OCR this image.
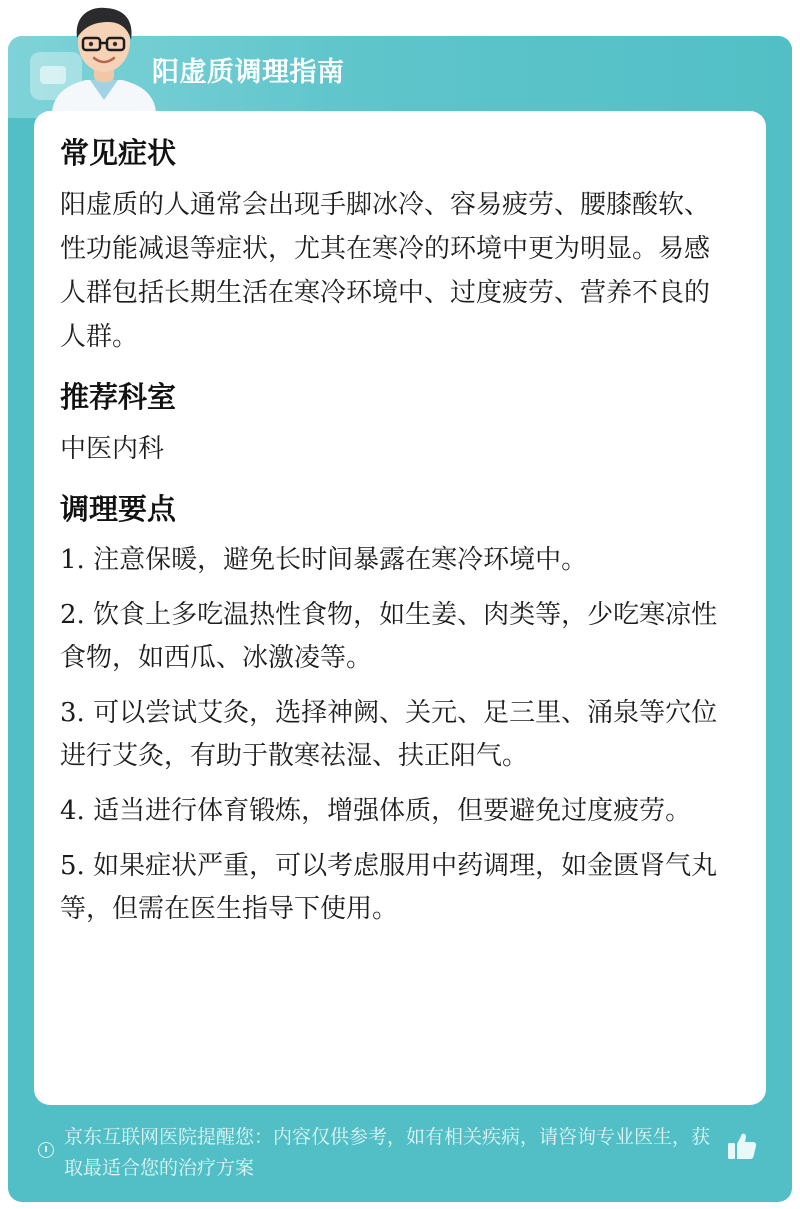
阳虚质调理指南
常见症状
阳虚质的人通常会出现手脚冰冷、容易疲劳、腰膝酸软、性功能减退等症状，尤其在寒冷的环境中更为明显。易感人群包括长期生活在寒冷环境中、过度疲劳、营养不良的人群。
推荐科室
中医内科
调理要点
1. 注意保暖，避免长时间暴露在寒冷环境中。
2. 饮食上多吃温热性食物，如生姜、肉类等，少吃寒凉性食物，如西瓜、冰激凌等。
3. 可以尝试艾灸，选择神阙、关元、足三里、涌泉等穴位进行艾灸，有助于散寒祛湿、扶正阳气。
4. 适当进行体育锻炼，增强体质，但要避免过度疲劳。
5. 如果症状严重，可以考虑服用中药调理，如金匮肾气丸等，但需在医生指导下使用。
京东互联网医院提醒您：内容仅供参考，如有相关疾病，请咨询专业医生，获取最适合您的治疗方案
